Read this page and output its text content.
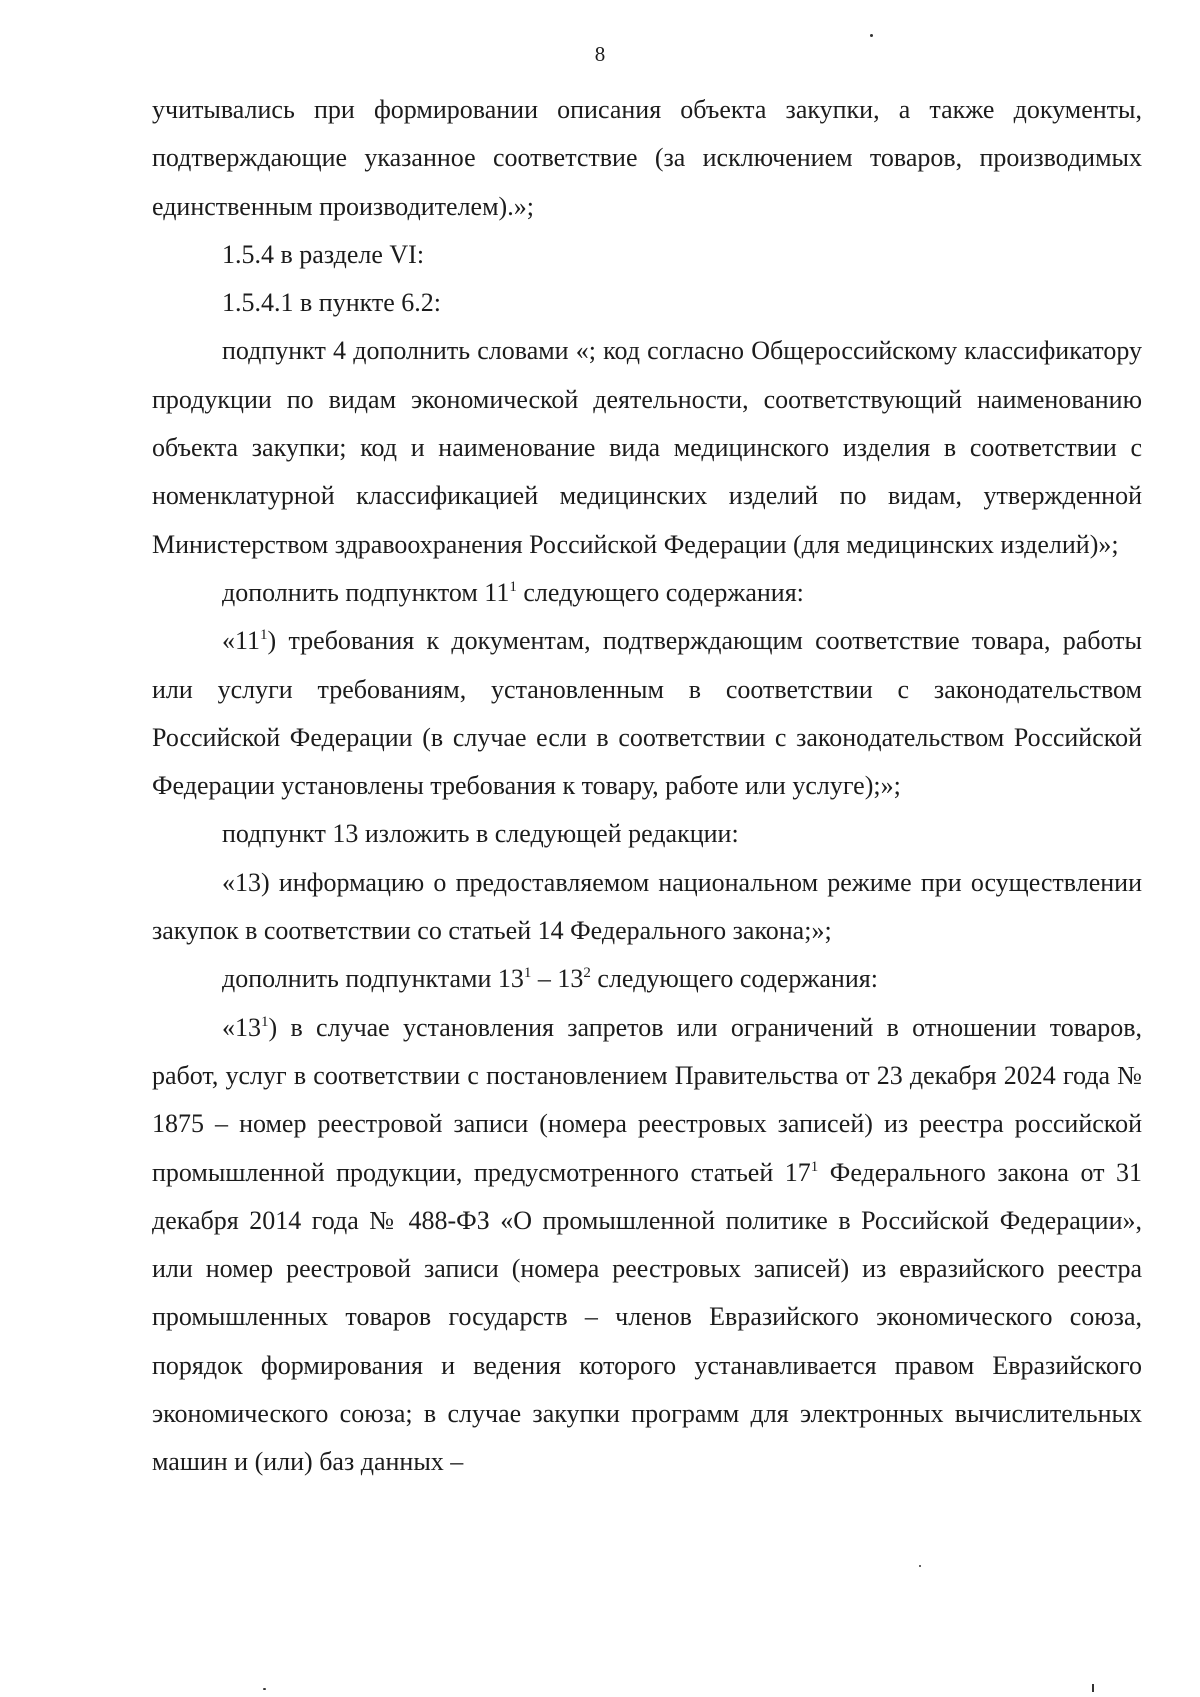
8

учитывались при формировании описания объекта закупки, а также документы, подтверждающие указанное соответствие (за исключением товаров, производимых единственным производителем).»;

1.5.4 в разделе VI:

1.5.4.1 в пункте 6.2:

подпункт 4 дополнить словами «; код согласно Общероссийскому классификатору продукции по видам экономической деятельности, соответствующий наименованию объекта закупки; код и наименование вида медицинского изделия в соответствии с номенклатурной классификацией медицинских изделий по видам, утвержденной Министерством здравоохранения Российской Федерации (для медицинских изделий)»;

дополнить подпунктом $11^1$ следующего содержания:

«$11^1$) требования к документам, подтверждающим соответствие товара, работы или услуги требованиям, установленным в соответствии с законодательством Российской Федерации (в случае если в соответствии с законодательством Российской Федерации установлены требования к товару, работе или услуге);»;

подпункт 13 изложить в следующей редакции:

«13) информацию о предоставляемом национальном режиме при осуществлении закупок в соответствии со статьей 14 Федерального закона;»;

дополнить подпунктами $13^1 - 13^2$ следующего содержания:

«$13^1$) в случае установления запретов или ограничений в отношении товаров, работ, услуг в соответствии с постановлением Правительства от 23 декабря 2024 года № 1875 – номер реестровой записи (номера реестровых записей) из реестра российской промышленной продукции, предусмотренного статьей $17^1$ Федерального закона от 31 декабря 2014 года № 488-ФЗ «О промышленной политике в Российской Федерации», или номер реестровой записи (номера реестровых записей) из евразийского реестра промышленных товаров государств – членов Евразийского экономического союза, порядок формирования и ведения которого устанавливается правом Евразийского экономического союза; в случае закупки программ для электронных вычислительных машин и (или) баз данных –
